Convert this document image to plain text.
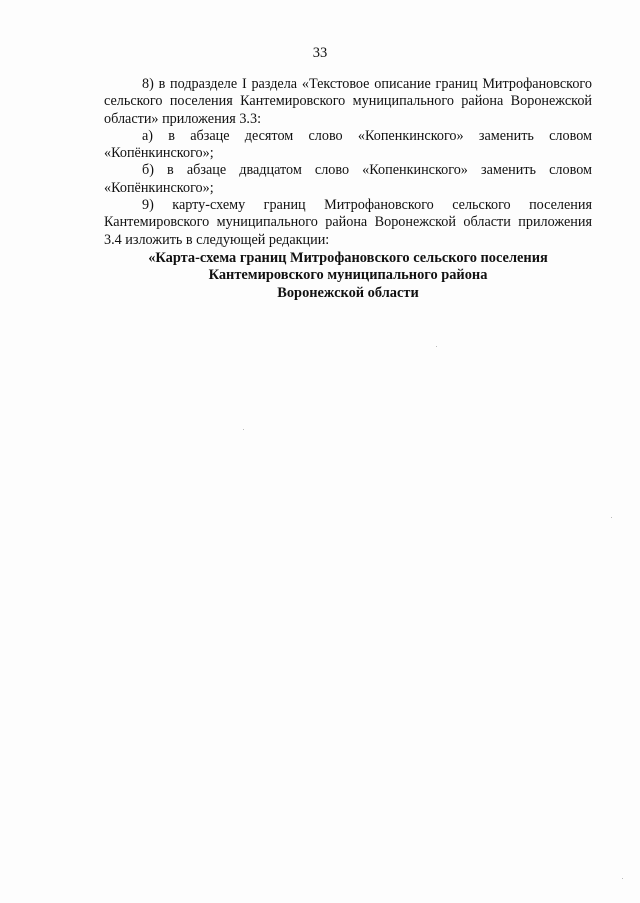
33

8) в подразделе I раздела «Текстовое описание границ Митрофановского сельского поселения Кантемировского муниципального района Воронежской области» приложения 3.3:

а) в абзаце десятом слово «Копенкинского» заменить словом «Копёнкинского»;

б) в абзаце двадцатом слово «Копенкинского» заменить словом «Копёнкинского»;

9) карту-схему границ Митрофановского сельского поселения Кантемировского муниципального района Воронежской области приложения 3.4 изложить в следующей редакции:

«Карта-схема границ Митрофановского сельского поселения
Кантемировского муниципального района
Воронежской области
